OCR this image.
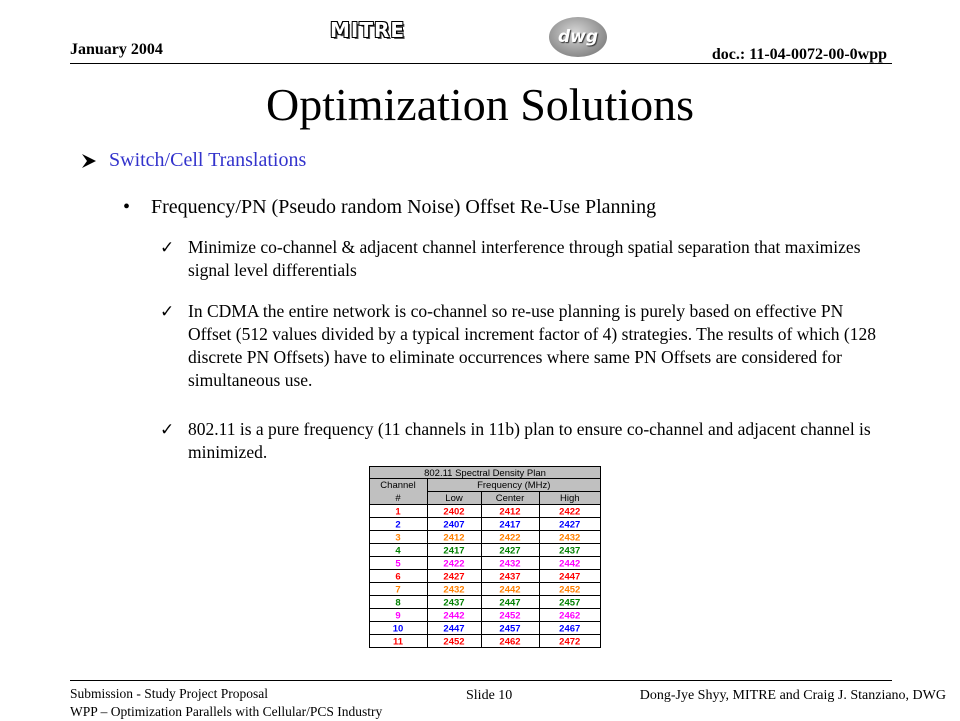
January 2004
MITRE	dwg
doc.: 11-04-0072-00-0wpp
Optimization Solutions
Switch/Cell Translations
• Frequency/PN (Pseudo random Noise) Offset Re-Use Planning
✓ Minimize co-channel & adjacent channel interference through spatial separation that maximizes signal level differentials
✓ In CDMA the entire network is co-channel so re-use planning is purely based on effective PN Offset (512 values divided by a typical increment factor of 4) strategies. The results of which (128 discrete PN Offsets) have to eliminate occurrences where same PN Offsets are considered for simultaneous use.
✓ 802.11 is a pure frequency (11 channels in 11b) plan to ensure co-channel and adjacent channel is minimized.
802.11 Spectral Density Plan
Channel	Frequency (MHz)
#	Low	Center	High
1	2402	2412	2422
2	2407	2417	2427
3	2412	2422	2432
4	2417	2427	2437
5	2422	2432	2442
6	2427	2437	2447
7	2432	2442	2452
8	2437	2447	2457
9	2442	2452	2462
10	2447	2457	2467
11	2452	2462	2472
Submission - Study Project Proposal
WPP – Optimization Parallels with Cellular/PCS Industry
Slide 10	Dong-Jye Shyy, MITRE and Craig J. Stanziano, DWG
